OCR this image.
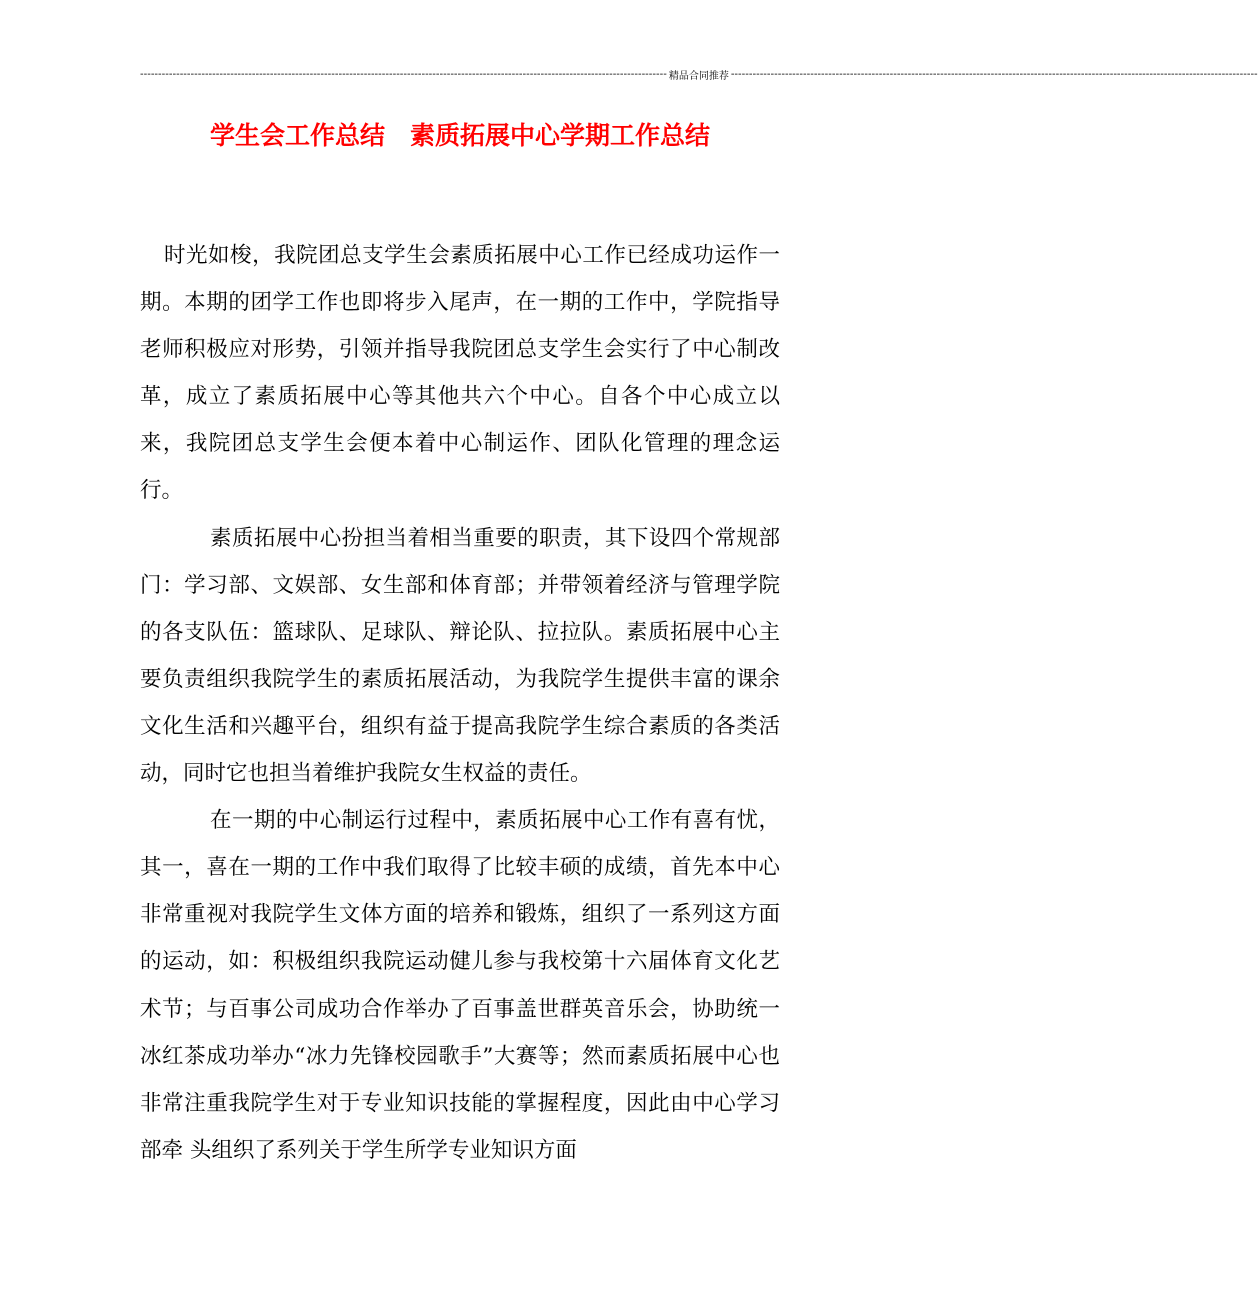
-------------------------------------------------------------------------------------------------------------------------------------------------- 精品合同推荐 --------------------------------------------------------------------------------------------------------------------------------------------------
学生会工作总结　素质拓展中心学期工作总结

时光如梭，我院团总支学生会素质拓展中心工作已经成功运作一期。本期的团学工作也即将步入尾声，在一期的工作中，学院指导老师积极应对形势，引领并指导我院团总支学生会实行了中心制改革，成立了素质拓展中心等其他共六个中心。自各个中心成立以来，我院团总支学生会便本着中心制运作、团队化管理的理念运行。

素质拓展中心扮担当着相当重要的职责，其下设四个常规部门：学习部、文娱部、女生部和体育部；并带领着经济与管理学院的各支队伍：篮球队、足球队、辩论队、拉拉队。素质拓展中心主要负责组织我院学生的素质拓展活动，为我院学生提供丰富的课余文化生活和兴趣平台，组织有益于提高我院学生综合素质的各类活动，同时它也担当着维护我院女生权益的责任。

在一期的中心制运行过程中，素质拓展中心工作有喜有忧，其一，喜在一期的工作中我们取得了比较丰硕的成绩，首先本中心非常重视对我院学生文体方面的培养和锻炼，组织了一系列这方面的运动，如：积极组织我院运动健儿参与我校第十六届体育文化艺术节；与百事公司成功合作举办了百事盖世群英音乐会，协助统一冰红茶成功举办“冰力先锋校园歌手”大赛等；然而素质拓展中心也非常注重我院学生对于专业知识技能的掌握程度，因此由中心学习部牵 头组织了系列关于学生所学专业知识方面
